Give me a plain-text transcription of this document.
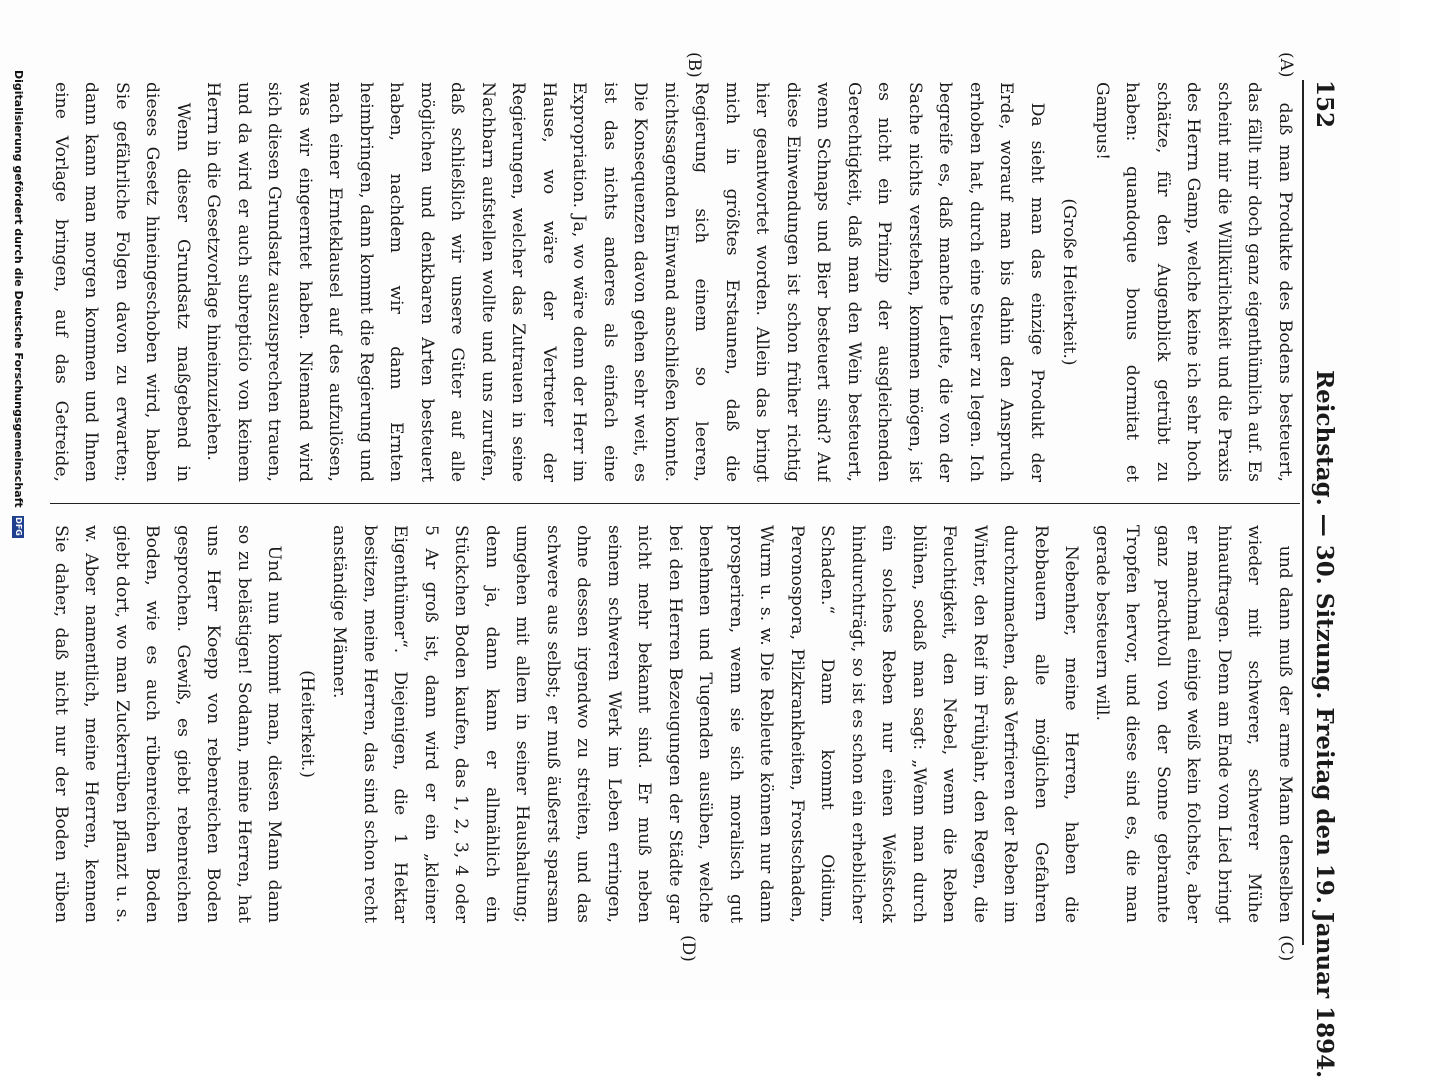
152
Reichstag. — 30. Sitzung. Freitag den 19. Januar 1894.
(A)
(B)
(C)
(D)

daß man Produkte des Bodens besteuert, das fällt mir doch ganz eigenthümlich auf. Es scheint mir die Willkürlichkeit und die Praxis des Herrn Gamp, welche keine ich sehr hoch schätze, für den Augenblick getrübt zu haben: quandoque bonus dormitat et Gampus!

(Große Heiterkeit.)

Da sieht man das einzige Produkt der Erde, worauf man bis dahin den Anspruch erhoben hat, durch eine Steuer zu legen. Ich begreife es, daß manche Leute, die von der Sache nichts verstehen, kommen mögen, ist es nicht ein Prinzip der ausgleichenden Gerechtigkeit, daß man den Wein besteuert, wenn Schnaps und Bier besteuert sind? Auf diese Einwendungen ist schon früher richtig hier geantwortet worden. Allein das bringt mich in größtes Erstaunen, daß die Regierung sich einem so leeren, nichtssagenden Einwand anschließen konnte. Die Konsequenzen davon gehen sehr weit, es ist das nichts anderes als einfach eine Expropriation. Ja, wo wäre denn der Herr im Hause, wo wäre der Vertreter der Regierungen, welcher das Zutrauen in seine Nachbarn aufstellen wollte und uns zurufen, daß schließlich wir unsere Güter auf alle möglichen und denkbaren Arten besteuert haben, nachdem wir dann Ernten heimbringen, dann kommt die Regierung und nach einer Ernteklausel auf des aufzulösen, was wir eingeerntet haben. Niemand wird sich diesen Grundsatz auszusprechen trauen, und da wird er auch subrepticio von keinem Herrn in die Gesetzvorlage hineinzuziehen.

Wenn dieser Grundsatz maßgebend in dieses Gesetz hineingeschoben wird, haben Sie gefährliche Folgen davon zu erwarten; dann kann man morgen kommen und Ihnen eine Vorlage bringen, auf das Getreide,

und dann muß der arme Mann denselben wieder mit schwerer, schwerer Mühe hinauftragen. Denn am Ende vom Lied bringt er manchmal einige weiß kein folchste, aber ganz prachtvoll von der Sonne gebrannte Tropfen hervor, und diese sind es, die man gerade besteuern will.

Nebenher, meine Herren, haben die Rebbauern alle möglichen Gefahren durchzumachen, das Verfrieren der Reben im Winter, den Reif im Frühjahr, den Regen, die Feuchtigkeit, den Nebel, wenn die Reben blühen, sodaß man sagt: „Wenn man durch ein solches Reben nur einen Weißstock hindurchträgt, so ist es schon ein erheblicher Schaden.“ Dann kommt Oidium, Peronospora, Pilzkrankheiten, Frostschaden, Wurm u. s. w. Die Rebleute können nur dann prosperiren, wenn sie sich moralisch gut benehmen und Tugenden ausüben, welche bei den Herren Bezeugungen der Städte gar nicht mehr bekannt sind. Er muß neben seinem schweren Werk im Leben erringen, ohne dessen irgendwo zu streiten, und das schwere aus selbst; er muß äußerst sparsam umgehen mit allem in seiner Haushaltung; denn ja, dann kann er allmählich ein Stückchen Boden kaufen, das 1, 2, 3, 4 oder 5 Ar groß ist, dann wird er ein „kleiner Eigenthümer“. Diejenigen, die 1 Hektar besitzen, meine Herren, das sind schon recht anständige Männer.

(Heiterkeit.)

Und nun kommt man, diesen Mann dann so zu belästigen! Sodann, meine Herren, hat uns Herr Koepp von rebenreichen Boden gesprochen. Gewiß, es giebt rebenreichen Boden, wie es auch rübenreichen Boden giebt dort, wo man Zuckerrüben pflanzt u. s. w. Aber namentlich, meine Herren, kennen Sie daher, daß nicht nur der Boden rüben

Digitalisierung gefördert durch die Deutsche Forschungsgemeinschaft DFG
